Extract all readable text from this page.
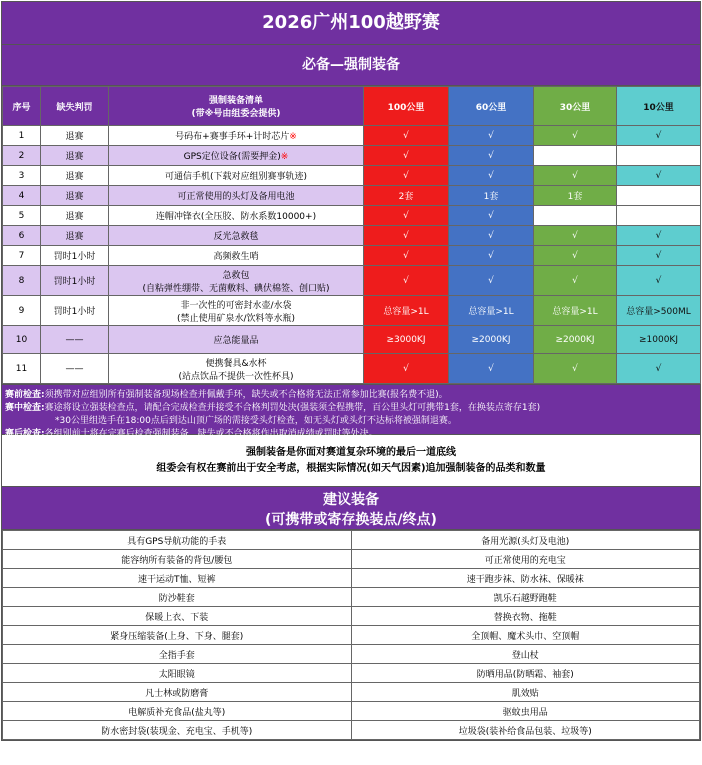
2026广州100越野赛
必备—强制装备
序号	缺失判罚	强制装备清单
(带※号由组委会提供)	100公里	60公里	30公里	10公里
1	退赛	号码布+赛事手环+计时芯片※	√	√	√	√
2	退赛	GPS定位设备(需要押金)※	√	√		
3	退赛	可通信手机(下载对应组别赛事轨迹)	√	√	√	√
4	退赛	可正常使用的头灯及备用电池	2套	1套	1套	
5	退赛	连帽冲锋衣(全压胶、防水系数10000+)	√	√		
6	退赛	反光急救毯	√	√	√	√
7	罚时1小时	高频救生哨	√	√	√	√
8	罚时1小时	急救包
(自粘弹性绷带、无菌敷料、碘伏棉签、创口贴)	√	√	√	√
9	罚时1小时	非一次性的可密封水壶/水袋
(禁止使用矿泉水/饮料等水瓶)	总容量>1L	总容量>1L	总容量>1L	总容量>500ML
10	——	应急能量品	≥3000KJ	≥2000KJ	≥2000KJ	≥1000KJ
11	——	便携餐具&水杯
(站点饮品不提供一次性杯具)	√	√	√	√
赛前检查:须携带对应组别所有强制装备现场检查并佩戴手环，缺失或不合格将无法正常参加比赛(报名费不退)。
赛中检查:赛途将设立强装检查点，请配合完成检查并接受不合格判罚处决(强装须全程携带，百公里头灯可携带1套，在换装点寄存1套)
*30公里组选手在18:00点后到达山顶广场的需接受头灯检查，如无头灯或头灯不达标将被强制退赛。
赛后检查:各组别前十将在完赛后检查强制装备，缺失或不合格将作出取消成绩或罚时等处决。
强制装备是你面对赛道复杂环境的最后一道底线
组委会有权在赛前出于安全考虑，根据实际情况(如天气因素)追加强制装备的品类和数量
建议装备
(可携带或寄存换装点/终点)
具有GPS导航功能的手表	备用光源(头灯及电池)
能容纳所有装备的背包/腰包	可正常使用的充电宝
速干运动T恤、短裤	速干跑步袜、防水袜、保暖袜
防沙鞋套	凯乐石越野跑鞋
保暖上衣、下装	替换衣物、拖鞋
紧身压缩装备(上身、下身、腿套)	全顶帽、魔术头巾、空顶帽
全指手套	登山杖
太阳眼镜	防晒用品(防晒霜、袖套)
凡士林或防磨膏	肌效贴
电解质补充食品(盐丸等)	驱蚊虫用品
防水密封袋(装现金、充电宝、手机等)	垃圾袋(装补给食品包装、垃圾等)
